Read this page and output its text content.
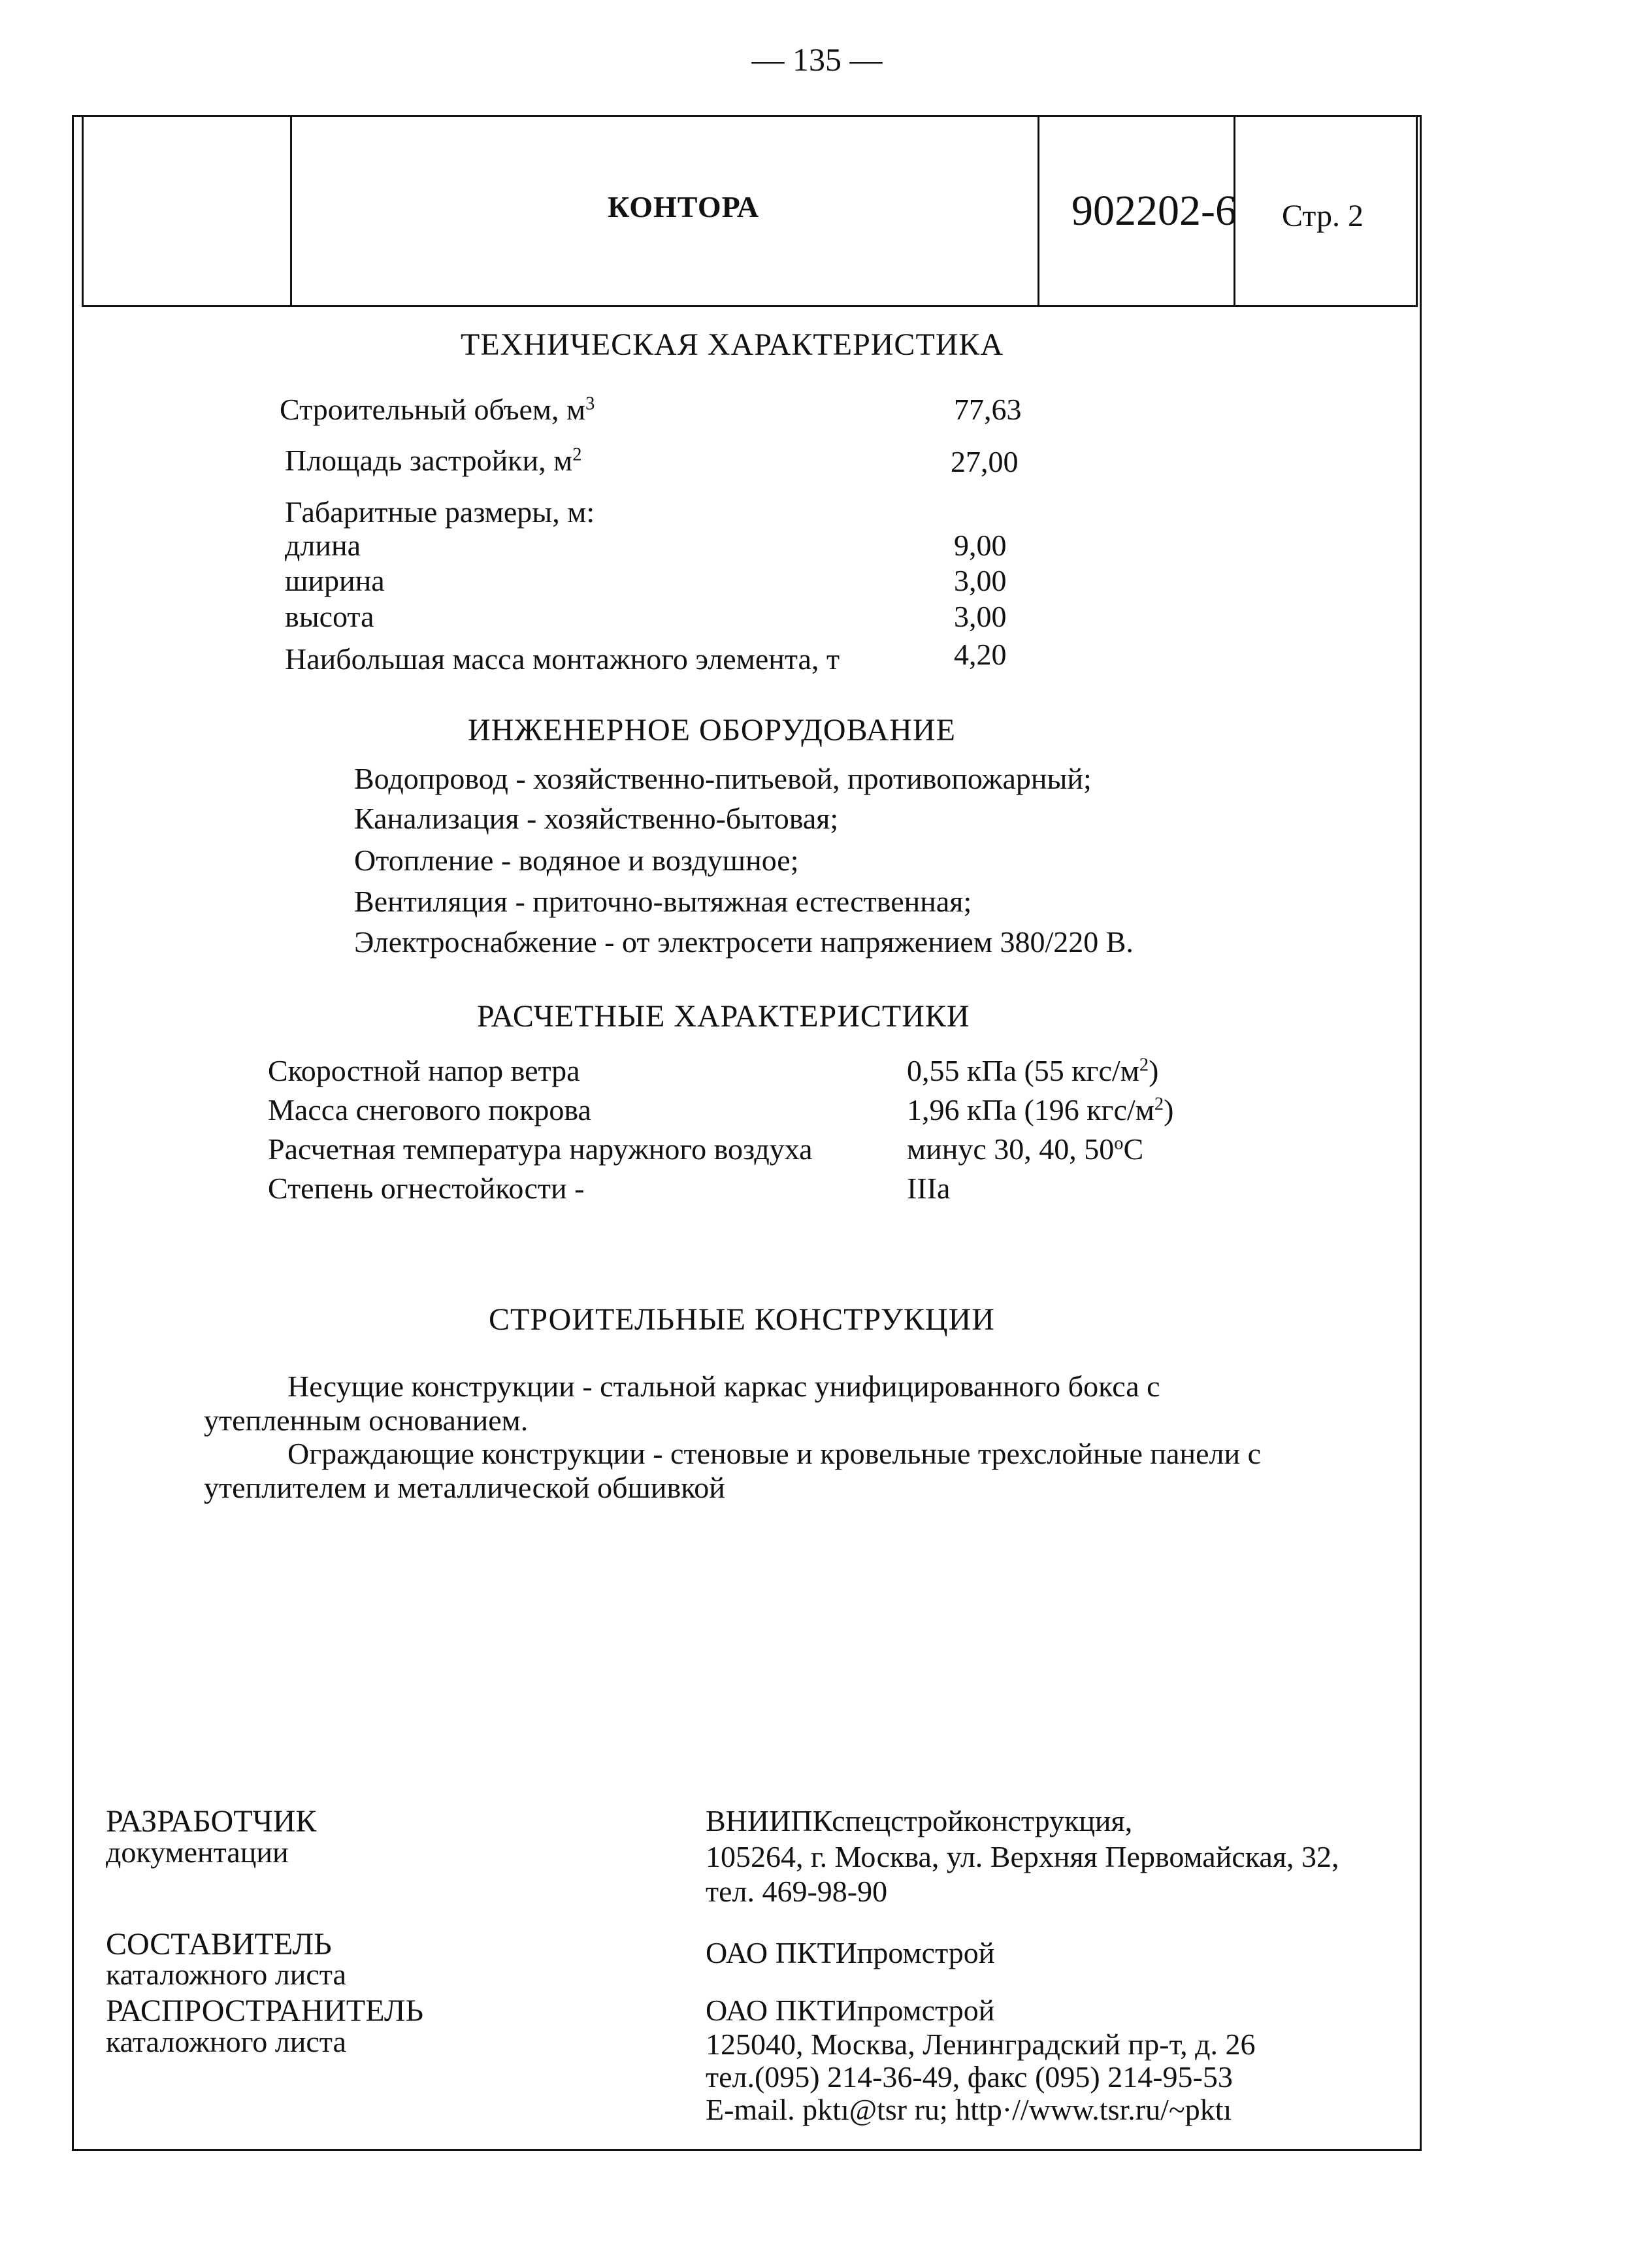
— 135 —
КОНТОРА	902202-6 Стр. 2
ТЕХНИЧЕСКАЯ ХАРАКТЕРИСТИКА
Строительный объем, $м^3$	77,63
Площадь застройки, $м^2$	27,00
Габаритные размеры, м:
длина	9,00
ширина	3,00
высота	3,00
Наибольшая масса монтажного элемента, т	4,20
ИНЖЕНЕРНОЕ ОБОРУДОВАНИЕ
Водопровод - хозяйственно-питьевой, противопожарный;
Канализация - хозяйственно-бытовая;
Отопление - водяное и воздушное;
Вентиляция - приточно-вытяжная естественная;
Электроснабжение - от электросети напряжением 380/220 В.
РАСЧЕТНЫЕ ХАРАКТЕРИСТИКИ
Скоростной напор ветра	0,55 кПа (55 кгс/$м^2$)
Масса снегового покрова	1,96 кПа (196 кгс/$м^2$)
Расчетная температура наружного воздуха	минус 30, 40, $50^оС$
Степень огнестойкости -	IIIа
СТРОИТЕЛЬНЫЕ КОНСТРУКЦИИ
Несущие конструкции - стальной каркас унифицированного бокса с
утепленным основанием.
Ограждающие конструкции - стеновые и кровельные трехслойные панели с
утеплителем и металлической обшивкой
РАЗРАБОТЧИК
документации
ВНИИПКспецстройконструкция,
105264, г. Москва, ул. Верхняя Первомайская, 32,
тел. 469-98-90
СОСТАВИТЕЛЬ
каталожного листа
ОАО ПКТИпромстрой
РАСПРОСТРАНИТЕЛЬ
каталожного листа
ОАО ПКТИпромстрой
125040, Москва, Ленинградский пр-т, д. 26
тел.(095) 214-36-49, факс (095) 214-95-53
E-mail. pktı@tsr ru; http·//www.tsr.ru/~pktı
